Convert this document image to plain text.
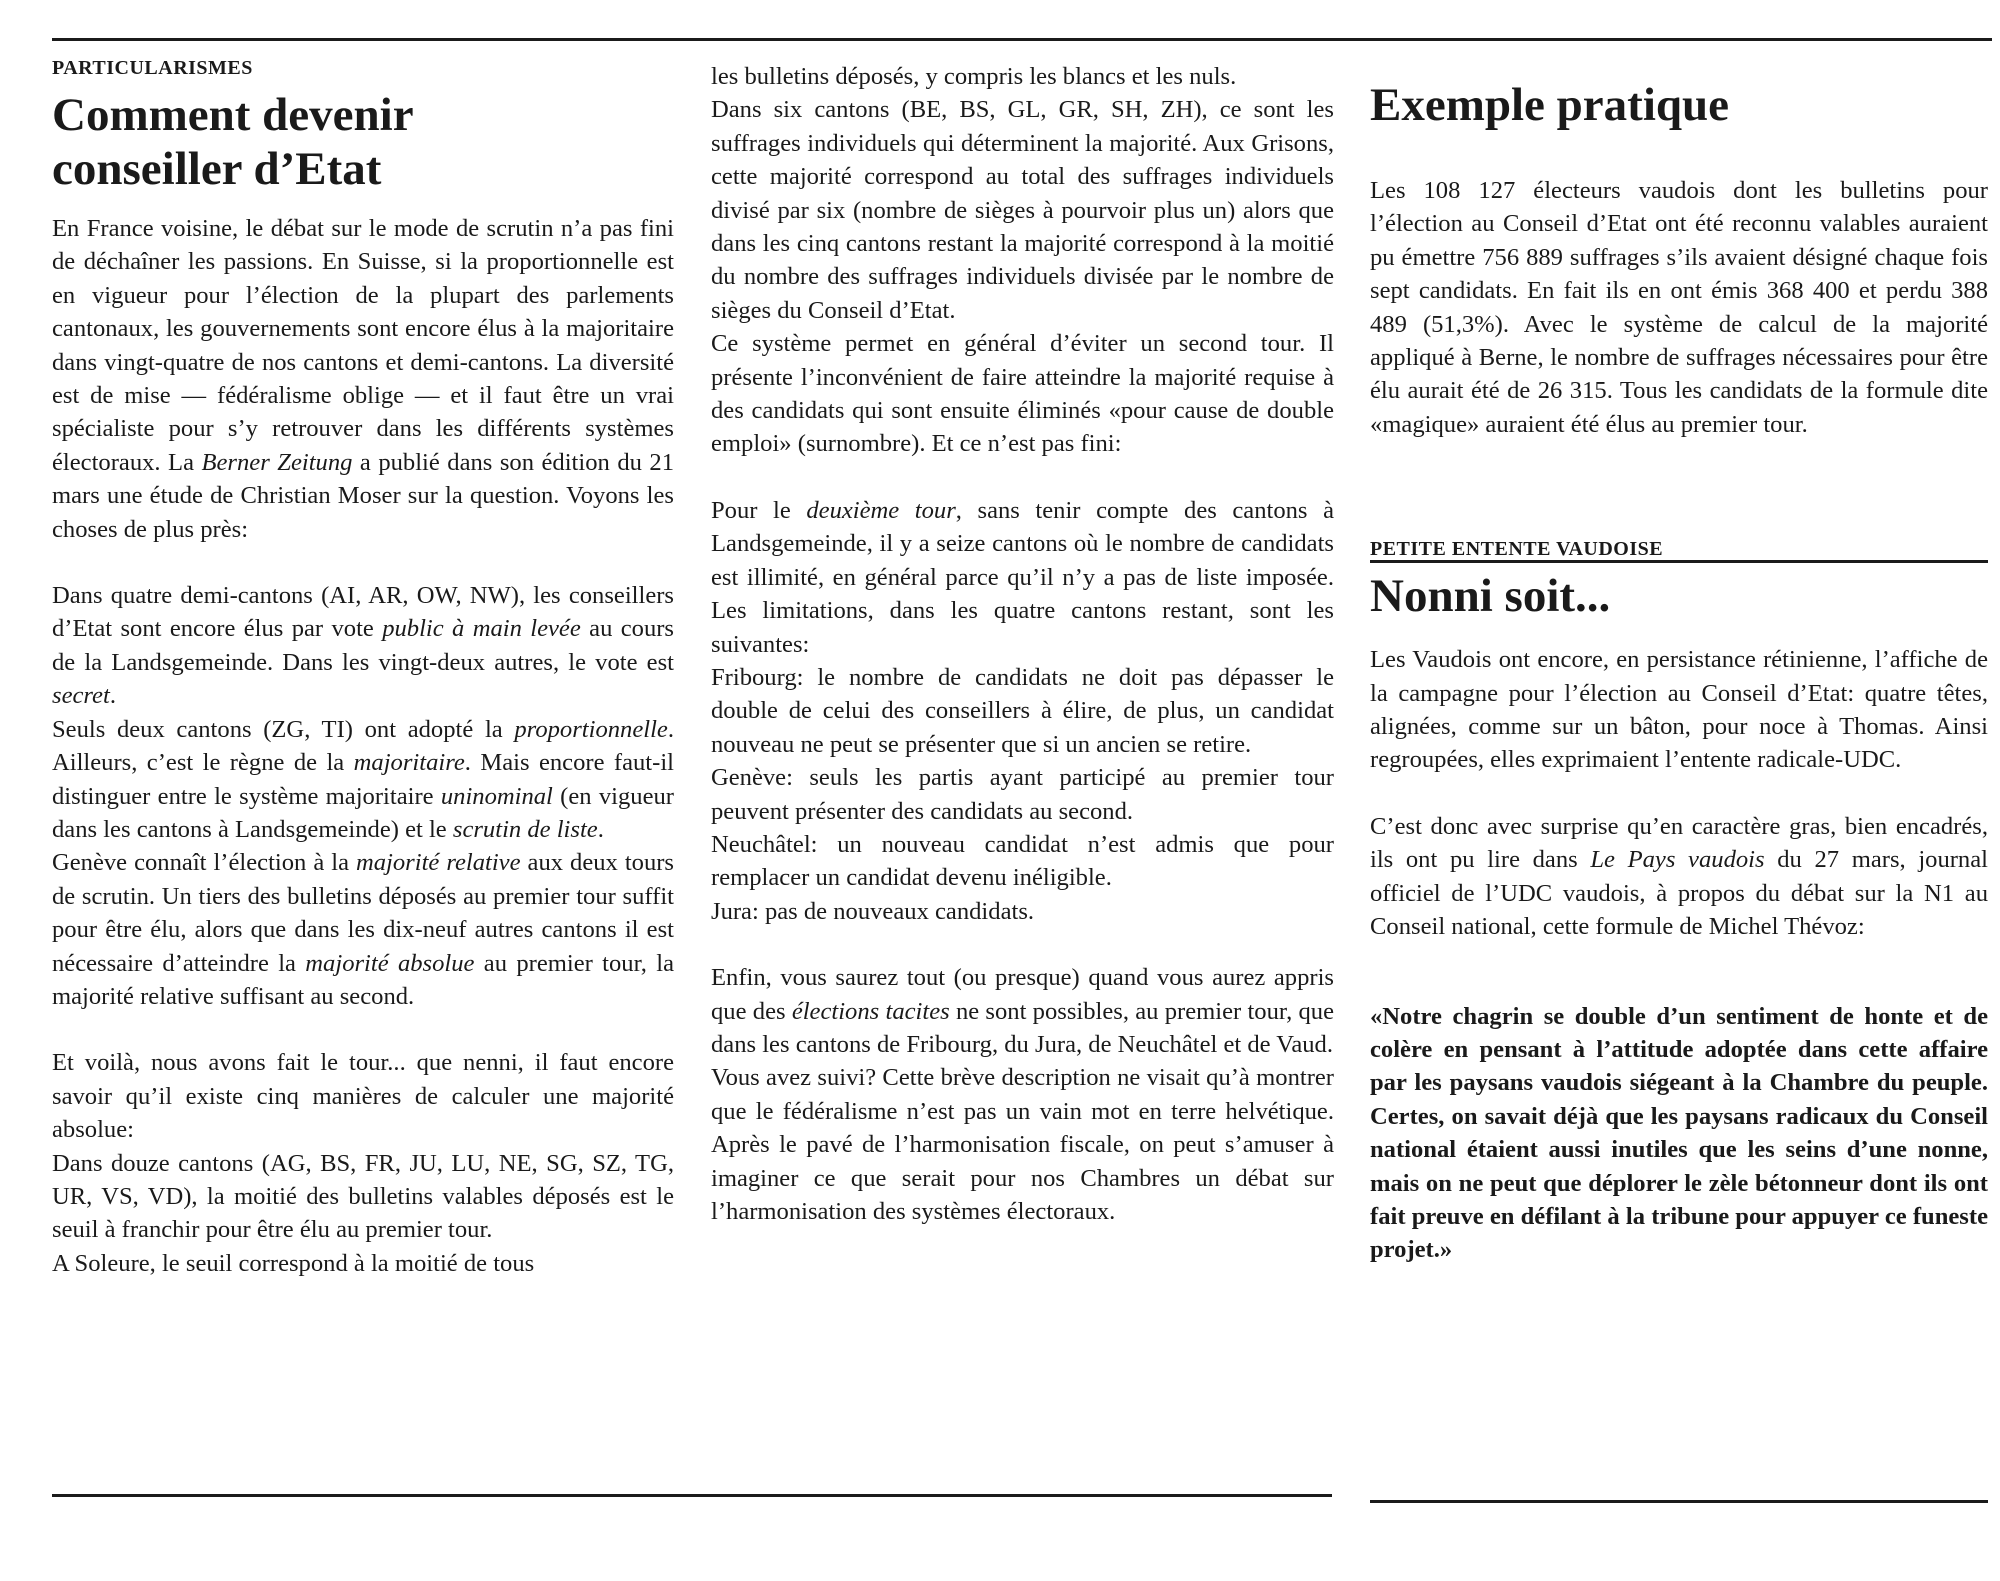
PARTICULARISMES
Comment devenir
conseiller d’Etat

En France voisine, le débat sur le mode de scrutin n’a pas fini de déchaîner les passions. En Suisse, si la proportionnelle est en vigueur pour l’élection de la plupart des parlements cantonaux, les gouvernements sont encore élus à la majoritaire dans vingt-quatre de nos cantons et demi-cantons. La diversité est de mise — fédéralisme oblige — et il faut être un vrai spécialiste pour s’y retrouver dans les différents systèmes électoraux. La Berner Zeitung a publié dans son édition du 21 mars une étude de Christian Moser sur la question. Voyons les choses de plus près:

Dans quatre demi-cantons (AI, AR, OW, NW), les conseillers d’Etat sont encore élus par vote public à main levée au cours de la Landsgemeinde. Dans les vingt-deux autres, le vote est secret.

Seuls deux cantons (ZG, TI) ont adopté la proportionnelle. Ailleurs, c’est le règne de la majoritaire. Mais encore faut-il distinguer entre le système majoritaire uninominal (en vigueur dans les cantons à Landsgemeinde) et le scrutin de liste.

Genève connaît l’élection à la majorité relative aux deux tours de scrutin. Un tiers des bulletins déposés au premier tour suffit pour être élu, alors que dans les dix-neuf autres cantons il est nécessaire d’atteindre la majorité absolue au premier tour, la majorité relative suffisant au second.

Et voilà, nous avons fait le tour... que nenni, il faut encore savoir qu’il existe cinq manières de calculer une majorité absolue:

Dans douze cantons (AG, BS, FR, JU, LU, NE, SG, SZ, TG, UR, VS, VD), la moitié des bulletins valables déposés est le seuil à franchir pour être élu au premier tour.

A Soleure, le seuil correspond à la moitié de tous

les bulletins déposés, y compris les blancs et les nuls.

Dans six cantons (BE, BS, GL, GR, SH, ZH), ce sont les suffrages individuels qui déterminent la majorité. Aux Grisons, cette majorité correspond au total des suffrages individuels divisé par six (nombre de sièges à pourvoir plus un) alors que dans les cinq cantons restant la majorité correspond à la moitié du nombre des suffrages individuels divisée par le nombre de sièges du Conseil d’Etat.

Ce système permet en général d’éviter un second tour. Il présente l’inconvénient de faire atteindre la majorité requise à des candidats qui sont ensuite éliminés «pour cause de double emploi» (surnombre). Et ce n’est pas fini:

Pour le deuxième tour, sans tenir compte des cantons à Landsgemeinde, il y a seize cantons où le nombre de candidats est illimité, en général parce qu’il n’y a pas de liste imposée. Les limitations, dans les quatre cantons restant, sont les suivantes:

Fribourg: le nombre de candidats ne doit pas dépasser le double de celui des conseillers à élire, de plus, un candidat nouveau ne peut se présenter que si un ancien se retire.

Genève: seuls les partis ayant participé au premier tour peuvent présenter des candidats au second.

Neuchâtel: un nouveau candidat n’est admis que pour remplacer un candidat devenu inéligible.

Jura: pas de nouveaux candidats.

Enfin, vous saurez tout (ou presque) quand vous aurez appris que des élections tacites ne sont possibles, au premier tour, que dans les cantons de Fribourg, du Jura, de Neuchâtel et de Vaud.

Vous avez suivi? Cette brève description ne visait qu’à montrer que le fédéralisme n’est pas un vain mot en terre helvétique. Après le pavé de l’harmonisation fiscale, on peut s’amuser à imaginer ce que serait pour nos Chambres un débat sur l’harmonisation des systèmes électoraux.

Exemple pratique

Les 108 127 électeurs vaudois dont les bulletins pour l’élection au Conseil d’Etat ont été reconnu valables auraient pu émettre 756 889 suffrages s’ils avaient désigné chaque fois sept candidats. En fait ils en ont émis 368 400 et perdu 388 489 (51,3%). Avec le système de calcul de la majorité appliqué à Berne, le nombre de suffrages nécessaires pour être élu aurait été de 26 315. Tous les candidats de la formule dite «magique» auraient été élus au premier tour.

PETITE ENTENTE VAUDOISE
Nonni soit...

Les Vaudois ont encore, en persistance rétinienne, l’affiche de la campagne pour l’élection au Conseil d’Etat: quatre têtes, alignées, comme sur un bâton, pour noce à Thomas. Ainsi regroupées, elles exprimaient l’entente radicale-UDC.

C’est donc avec surprise qu’en caractère gras, bien encadrés, ils ont pu lire dans Le Pays vaudois du 27 mars, journal officiel de l’UDC vaudois, à propos du débat sur la N1 au Conseil national, cette formule de Michel Thévoz:

«Notre chagrin se double d’un sentiment de honte et de colère en pensant à l’attitude adoptée dans cette affaire par les paysans vaudois siégeant à la Chambre du peuple. Certes, on savait déjà que les paysans radicaux du Conseil national étaient aussi inutiles que les seins d’une nonne, mais on ne peut que déplorer le zèle bétonneur dont ils ont fait preuve en défilant à la tribune pour appuyer ce funeste projet.»
